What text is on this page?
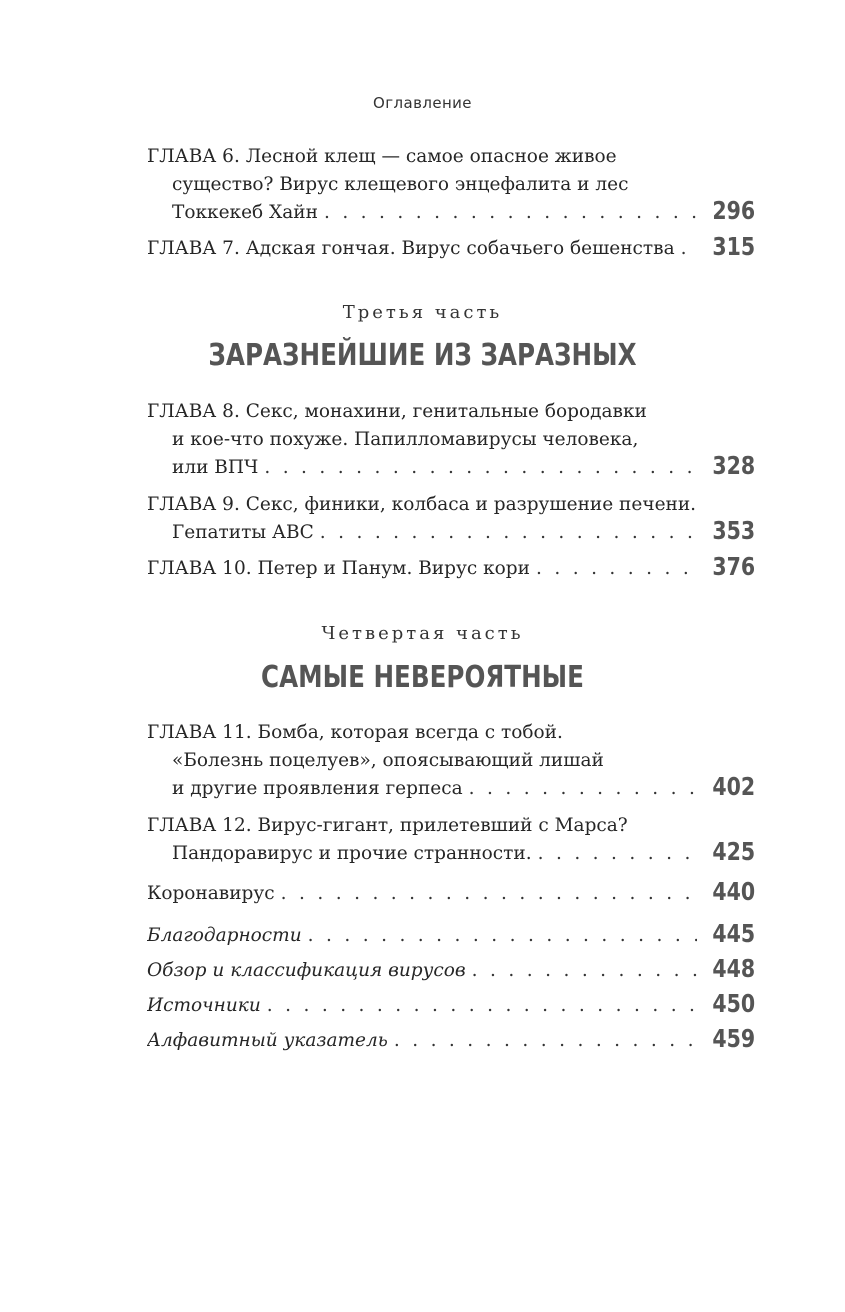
Оглавление
ГЛАВА 6. Лесной клещ — самое опасное живое
существо? Вирус клещевого энцефалита и лес
Токкекеб Хайн . . .	296
ГЛАВА 7. Адская гончая. Вирус собачьего бешенства . . . 315
Третья часть
ЗАРАЗНЕЙШИЕ ИЗ ЗАРАЗНЫХ
ГЛАВА 8. Секс, монахини, генитальные бородавки
и кое-что похуже. Папилломавирусы человека,
или ВПЧ . . .	328
ГЛАВА 9. Секс, финики, колбаса и разрушение печени.
Гепатиты АВС . . .	353
ГЛАВА 10. Петер и Панум. Вирус кори . . .	376
Четвертая часть
САМЫЕ НЕВЕРОЯТНЫЕ
ГЛАВА 11. Бомба, которая всегда с тобой.
«Болезнь поцелуев», опоясывающий лишай
и другие проявления герпеса . . .	402
ГЛАВА 12. Вирус-гигант, прилетевший с Марса?
Пандоравирус и прочие странности. . . .	425
Коронавирус . . .	440
Благодарности . . .	445
Обзор и классификация вирусов . . .	448
Источники . . .	450
Алфавитный указатель . . .	459
